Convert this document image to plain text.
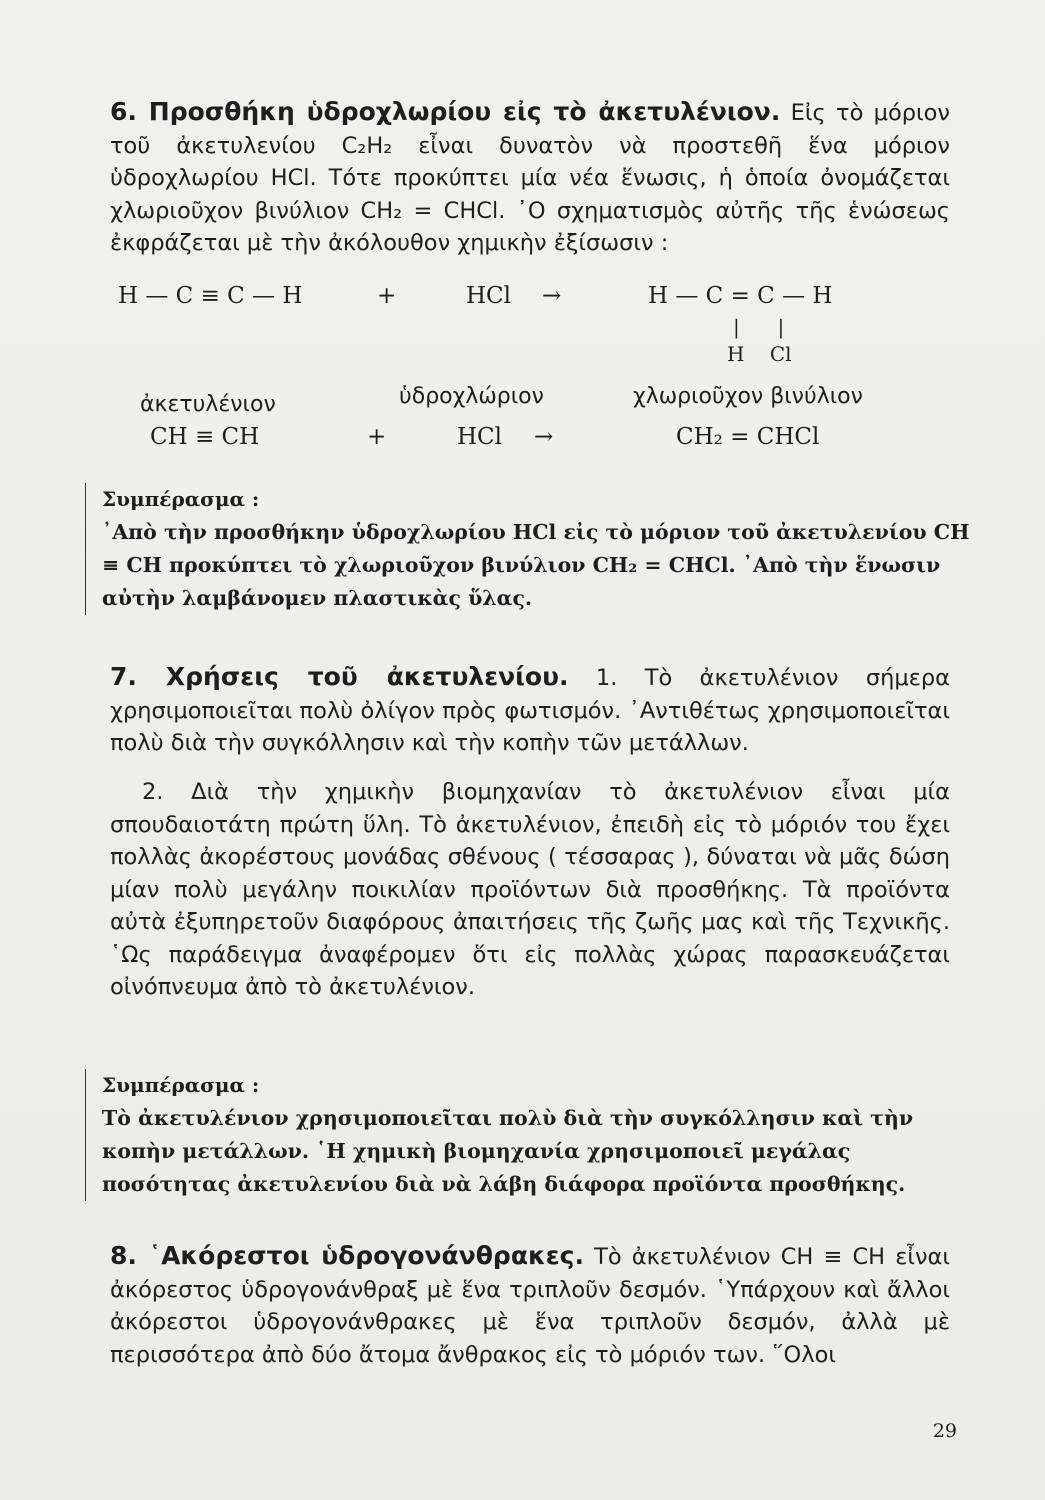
6. Προσθήκη ὑδροχλωρίου εἰς τὸ ἀκετυλένιον. Εἰς τὸ μόριον τοῦ ἀκετυλενίου C₂H₂ εἶναι δυνατὸν νὰ προστεθῆ ἕνα μόριον ὑδροχλωρίου HCl. Τότε προκύπτει μία νέα ἕνωσις, ἡ ὁποία ὀνομάζεται χλωριοῦχον βινύλιον CH₂ = CHCl. ᾽Ο σχηματισμὸς αὐτῆς τῆς ἑνώσεως ἐκφράζεται μὲ τὴν ἀκόλουθον χημικὴν ἐξίσωσιν :
H — C ≡ C — H	+	HCl →	H — C = C — H
|     |
H    Cl
ἀκετυλένιον	ὑδροχλώριον	χλωριοῦχον βινύλιον
CH ≡ CH	+	HCl →	CH₂ = CHCl
Συμπέρασμα :
᾽Απὸ τὴν προσθήκην ὑδροχλωρίου HCl εἰς τὸ μόριον τοῦ ἀκετυλενίου CH ≡ CH προκύπτει τὸ χλωριοῦχον βινύλιον CH₂ = CHCl. ᾽Απὸ τὴν ἕνωσιν αὐτὴν λαμβάνομεν πλαστικὰς ὕλας.
7. Χρήσεις τοῦ ἀκετυλενίου. 1. Τὸ ἀκετυλένιον σήμερα χρησιμοποιεῖται πολὺ ὀλίγον πρὸς φωτισμόν. ᾽Αντιθέτως χρησιμοποιεῖται πολὺ διὰ τὴν συγκόλλησιν καὶ τὴν κοπὴν τῶν μετάλλων.
2. Διὰ τὴν χημικὴν βιομηχανίαν τὸ ἀκετυλένιον εἶναι μία σπουδαιοτάτη πρώτη ὕλη. Τὸ ἀκετυλένιον, ἐπειδὴ εἰς τὸ μόριόν του ἔχει πολλὰς ἀκορέστους μονάδας σθένους ( τέσσαρας ), δύναται νὰ μᾶς δώση μίαν πολὺ μεγάλην ποικιλίαν προϊόντων διὰ προσθήκης. Τὰ προϊόντα αὐτὰ ἐξυπηρετοῦν διαφόρους ἀπαιτήσεις τῆς ζωῆς μας καὶ τῆς Τεχνικῆς. ῾Ως παράδειγμα ἀναφέρομεν ὅτι εἰς πολλὰς χώρας παρασκευάζεται οἰνόπνευμα ἀπὸ τὸ ἀκετυλένιον.
Συμπέρασμα :
Τὸ ἀκετυλένιον χρησιμοποιεῖται πολὺ διὰ τὴν συγκόλλησιν καὶ τὴν κοπὴν μετάλλων. ῾Η χημικὴ βιομηχανία χρησιμοποιεῖ μεγάλας ποσότητας ἀκετυλενίου διὰ νὰ λάβη διάφορα προϊόντα προσθήκης.
8. ῾Ακόρεστοι ὑδρογονάνθρακες. Τὸ ἀκετυλένιον CH ≡ CH εἶναι ἀκόρεστος ὑδρογονάνθραξ μὲ ἕνα τριπλοῦν δεσμόν. ῾Υπάρχουν καὶ ἄλλοι ἀκόρεστοι ὑδρογονάνθρακες μὲ ἕνα τριπλοῦν δεσμόν, ἀλλὰ μὲ περισσότερα ἀπὸ δύο ἄτομα ἄνθρακος εἰς τὸ μόριόν των. ῞Ολοι
29
